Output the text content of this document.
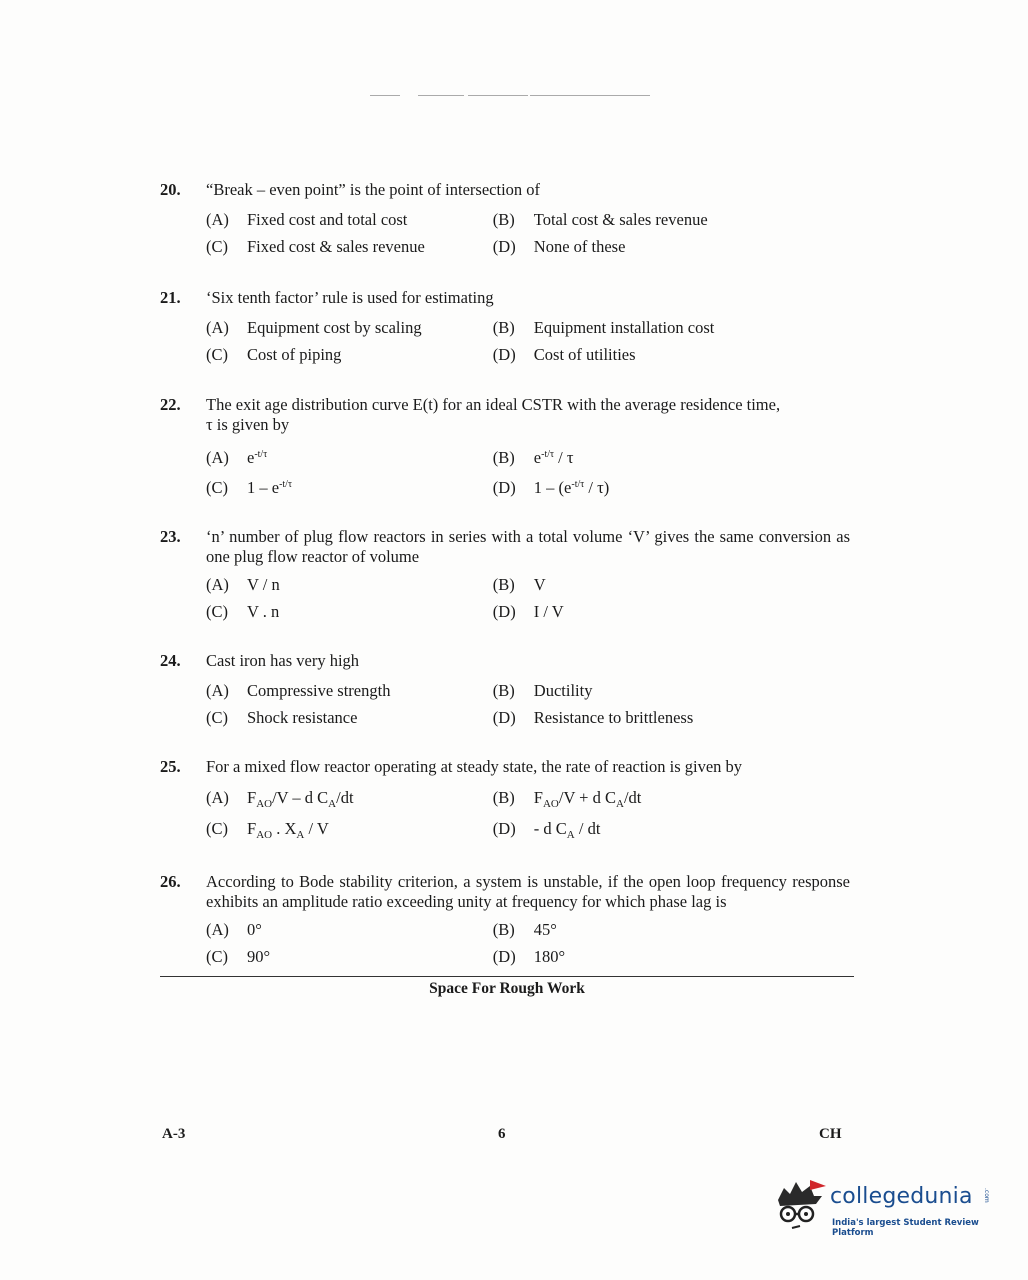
20.	“Break – even point” is the point of intersection of
(A)	Fixed cost and total cost	(B)	Total cost & sales revenue
(C)	Fixed cost & sales revenue	(D)	None of these
21.	‘Six tenth factor’ rule is used for estimating
(A)	Equipment cost by scaling	(B)	Equipment installation cost
(C)	Cost of piping	(D)	Cost of utilities
22.	The exit age distribution curve E(t) for an ideal CSTR with the average residence time,
τ is given by
(A)	$e^{-t/\tau}$	(B)	$e^{-t/\tau}$ / τ
(C)	$1 - e^{-t/\tau}$	(D)	$1 - (e^{-t/\tau} / \tau)$
23.	‘n’ number of plug flow reactors in series with a total volume ‘V’ gives the same conversion as one plug flow reactor of volume
(A)	V / n	(B)	V
(C)	V . n	(D)	I / V
24.	Cast iron has very high
(A)	Compressive strength	(B)	Ductility
(C)	Shock resistance	(D)	Resistance to brittleness
25.	For a mixed flow reactor operating at steady state, the rate of reaction is given by
(A)	$F_{AO}/V$ – d $C_A/dt$	(B)	$F_{AO}/V + d$ $C_A/dt$
(C)	$F_{AO}$ . $X_A$ / V	(D)	- d $C_A$ / dt
26.	According to Bode stability criterion, a system is unstable, if the open loop frequency response exhibits an amplitude ratio exceeding unity at frequency for which phase lag is
(A)	0°	(B)	45°
(C)	90°	(D)	180°
Space For Rough Work
A-3	6	CH
collegedunia .com
India's largest Student Review Platform
